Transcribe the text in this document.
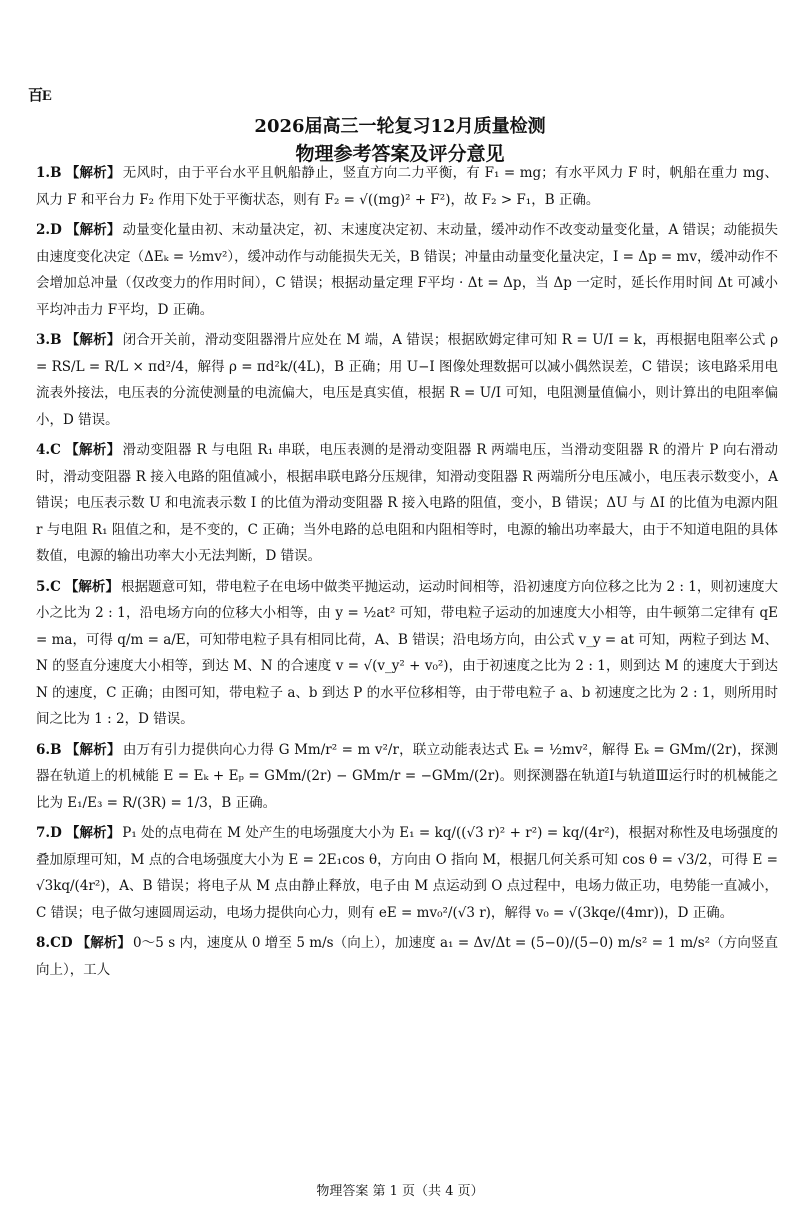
百E
2026届高三一轮复习12月质量检测
物理参考答案及评分意见
1.B 【解析】 无风时，由于平台水平且帆船静止，竖直方向二力平衡，有 F₁ = mg；有水平风力 F 时，帆船在重力 mg、风力 F 和平台力 F₂ 作用下处于平衡状态，则有 F₂ = √((mg)² + F²)，故 F₂ > F₁，B 正确。
2.D 【解析】 动量变化量由初、末动量决定，初、末速度决定初、末动量，缓冲动作不改变动量变化量，A 错误；动能损失由速度变化决定（ΔEₖ = ½mv²），缓冲动作与动能损失无关，B 错误；冲量由动量变化量决定，I = Δp = mv，缓冲动作不会增加总冲量（仅改变力的作用时间），C 错误；根据动量定理 F平均 · Δt = Δp，当 Δp 一定时，延长作用时间 Δt 可减小平均冲击力 F平均，D 正确。
3.B 【解析】 闭合开关前，滑动变阻器滑片应处在 M 端，A 错误；根据欧姆定律可知 R = U/I = k，再根据电阻率公式 ρ = RS/L = R/L × πd²/4，解得 ρ = πd²k/(4L)，B 正确；用 U−I 图像处理数据可以减小偶然误差，C 错误；该电路采用电流表外接法，电压表的分流使测量的电流偏大，电压是真实值，根据 R = U/I 可知，电阻测量值偏小，则计算出的电阻率偏小，D 错误。
4.C 【解析】 滑动变阻器 R 与电阻 R₁ 串联，电压表测的是滑动变阻器 R 两端电压，当滑动变阻器 R 的滑片 P 向右滑动时，滑动变阻器 R 接入电路的阻值减小，根据串联电路分压规律，知滑动变阻器 R 两端所分电压减小，电压表示数变小，A 错误；电压表示数 U 和电流表示数 I 的比值为滑动变阻器 R 接入电路的阻值，变小，B 错误；ΔU 与 ΔI 的比值为电源内阻 r 与电阻 R₁ 阻值之和，是不变的，C 正确；当外电路的总电阻和内阻相等时，电源的输出功率最大，由于不知道电阻的具体数值，电源的输出功率大小无法判断，D 错误。
5.C 【解析】 根据题意可知，带电粒子在电场中做类平抛运动，运动时间相等，沿初速度方向位移之比为 2 : 1，则初速度大小之比为 2 : 1，沿电场方向的位移大小相等，由 y = ½at² 可知，带电粒子运动的加速度大小相等，由牛顿第二定律有 qE = ma，可得 q/m = a/E，可知带电粒子具有相同比荷，A、B 错误；沿电场方向，由公式 v_y = at 可知，两粒子到达 M、N 的竖直分速度大小相等，到达 M、N 的合速度 v = √(v_y² + v₀²)，由于初速度之比为 2 : 1，则到达 M 的速度大于到达 N 的速度，C 正确；由图可知，带电粒子 a、b 到达 P 的水平位移相等，由于带电粒子 a、b 初速度之比为 2 : 1，则所用时间之比为 1 : 2，D 错误。
6.B 【解析】 由万有引力提供向心力得 G Mm/r² = m v²/r，联立动能表达式 Eₖ = ½mv²，解得 Eₖ = GMm/(2r)，探测器在轨道上的机械能 E = Eₖ + Eₚ = GMm/(2r) − GMm/r = −GMm/(2r)。则探测器在轨道Ⅰ与轨道Ⅲ运行时的机械能之比为 E₁/E₃ = R/(3R) = 1/3，B 正确。
7.D 【解析】 P₁ 处的点电荷在 M 处产生的电场强度大小为 E₁ = kq/((√3 r)² + r²) = kq/(4r²)，根据对称性及电场强度的叠加原理可知，M 点的合电场强度大小为 E = 2E₁cos θ，方向由 O 指向 M，根据几何关系可知 cos θ = √3/2，可得 E = √3kq/(4r²)，A、B 错误；将电子从 M 点由静止释放，电子由 M 点运动到 O 点过程中，电场力做正功，电势能一直减小，C 错误；电子做匀速圆周运动，电场力提供向心力，则有 eE = mv₀²/(√3 r)，解得 v₀ = √(3kqe/(4mr))，D 正确。
8.CD 【解析】 0～5 s 内，速度从 0 增至 5 m/s（向上），加速度 a₁ = Δv/Δt = (5−0)/(5−0) m/s² = 1 m/s²（方向竖直向上），工人
物理答案 第 1 页（共 4 页）
